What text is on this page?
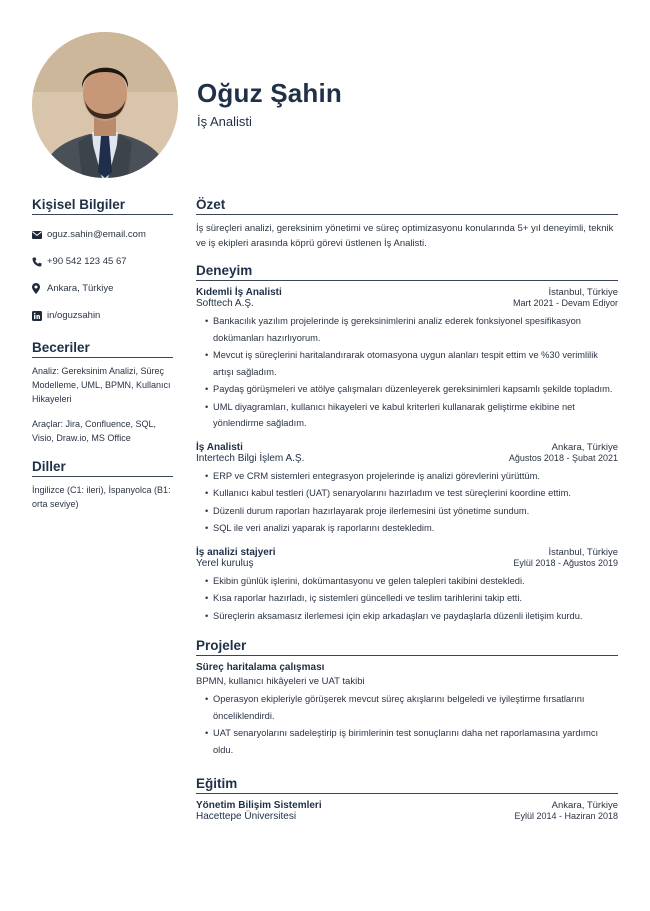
Oğuz Şahin
İş Analisti
Kişisel Bilgiler
oguz.sahin@email.com
+90 542 123 45 67
Ankara, Türkiye
in/oguzsahin
Beceriler
Analiz: Gereksinim Analizi, Süreç Modelleme, UML, BPMN, Kullanıcı Hikayeleri
Araçlar: Jira, Confluence, SQL, Visio, Draw.io, MS Office
Diller
İngilizce (C1: ileri), İspanyolca (B1: orta seviye)
Özet
İş süreçleri analizi, gereksinim yönetimi ve süreç optimizasyonu konularında 5+ yıl deneyimli, teknik ve iş ekipleri arasında köprü görevi üstlenen İş Analisti.
Deneyim
Kıdemli İş Analisti	İstanbul, Türkiye
Softtech A.Ş.	Mart 2021 - Devam Ediyor
• Bankacılık yazılım projelerinde iş gereksinimlerini analiz ederek fonksiyonel spesifikasyon dokümanları hazırlıyorum.
• Mevcut iş süreçlerini haritalandırarak otomasyona uygun alanları tespit ettim ve %30 verimlilik artışı sağladım.
• Paydaş görüşmeleri ve atölye çalışmaları düzenleyerek gereksinimleri kapsamlı şekilde topladım.
• UML diyagramları, kullanıcı hikayeleri ve kabul kriterleri kullanarak geliştirme ekibine net yönlendirme sağladım.
İş Analisti	Ankara, Türkiye
Intertech Bilgi İşlem A.Ş.	Ağustos 2018 - Şubat 2021
• ERP ve CRM sistemleri entegrasyon projelerinde iş analizi görevlerini yürüttüm.
• Kullanıcı kabul testleri (UAT) senaryolarını hazırladım ve test süreçlerini koordine ettim.
• Düzenli durum raporları hazırlayarak proje ilerlemesini üst yönetime sundum.
• SQL ile veri analizi yaparak iş raporlarını destekledim.
İş analizi stajyeri	İstanbul, Türkiye
Yerel kuruluş	Eylül 2018 - Ağustos 2019
• Ekibin günlük işlerini, dokümantasyonu ve gelen talepleri takibini destekledi.
• Kısa raporlar hazırladı, iç sistemleri güncelledi ve teslim tarihlerini takip etti.
• Süreçlerin aksamasız ilerlemesi için ekip arkadaşları ve paydaşlarla düzenli iletişim kurdu.
Projeler
Süreç haritalama çalışması
BPMN, kullanıcı hikâyeleri ve UAT takibi
• Operasyon ekipleriyle görüşerek mevcut süreç akışlarını belgeledi ve iyileştirme fırsatlarını önceliklendirdi.
• UAT senaryolarını sadeleştirip iş birimlerinin test sonuçlarını daha net raporlamasına yardımcı oldu.
Eğitim
Yönetim Bilişim Sistemleri	Ankara, Türkiye
Hacettepe Üniversitesi	Eylül 2014 - Haziran 2018
